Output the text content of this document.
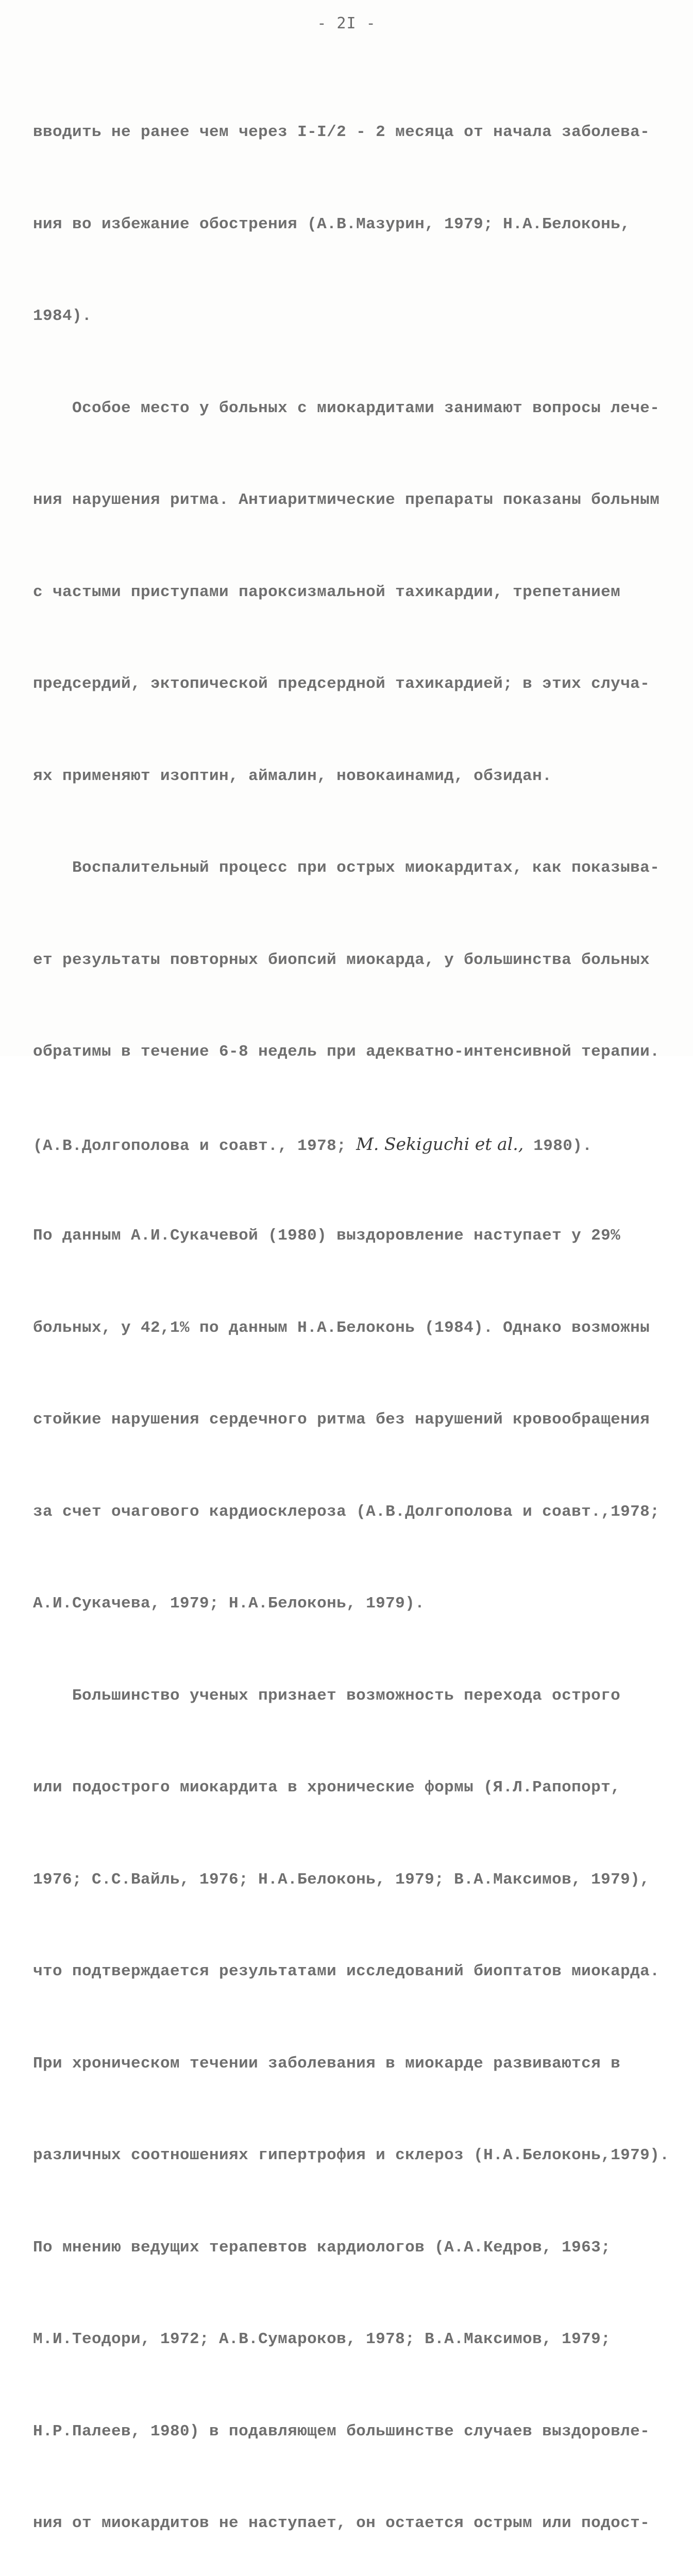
- 2I -

вводить не ранее чем через I-I/2 - 2 месяца от начала заболева-

ния во избежание обострения (А.В.Мазурин, 1979; Н.А.Белоконь,

1984).

Особое место у больных с миокардитами занимают вопросы лече-

ния нарушения ритма. Антиаритмические препараты показаны больным

с частыми приступами пароксизмальной тахикардии, трепетанием

предсердий, эктопической предсердной тахикардией; в этих случа-

ях применяют изоптин, аймалин, новокаинамид, обзидан.

Воспалительный процесс при острых миокардитах, как показыва-

ет результаты повторных биопсий миокарда, у большинства больных

обратимы в течение 6-8 недель при адекватно-интенсивной терапии.

(А.В.Долгополова и соавт., 1978; M. Sekiguchi et al., 1980).

По данным А.И.Сукачевой (1980) выздоровление наступает у 29%

больных, у 42,1% по данным Н.А.Белоконь (1984). Однако возможны

стойкие нарушения сердечного ритма без нарушений кровообращения

за счет очагового кардиосклероза (А.В.Долгополова и соавт.,1978;

А.И.Сукачева, 1979; Н.А.Белоконь, 1979).

Большинство ученых признает возможность перехода острого

или подострого миокардита в хронические формы (Я.Л.Рапопорт,

1976; С.С.Вайль, 1976; Н.А.Белоконь, 1979; В.А.Максимов, 1979),

что подтверждается результатами исследований биоптатов миокарда.

При хроническом течении заболевания в миокарде развиваются в

различных соотношениях гипертрофия и склероз (Н.А.Белоконь,1979).

По мнению ведущих терапевтов кардиологов (А.А.Кедров, 1963;

М.И.Теодори, 1972; А.В.Сумароков, 1978; В.А.Максимов, 1979;

Н.Р.Палеев, 1980) в подавляющем большинстве случаев выздоровле-

ния от миокардитов не наступает, он остается острым или подост-
